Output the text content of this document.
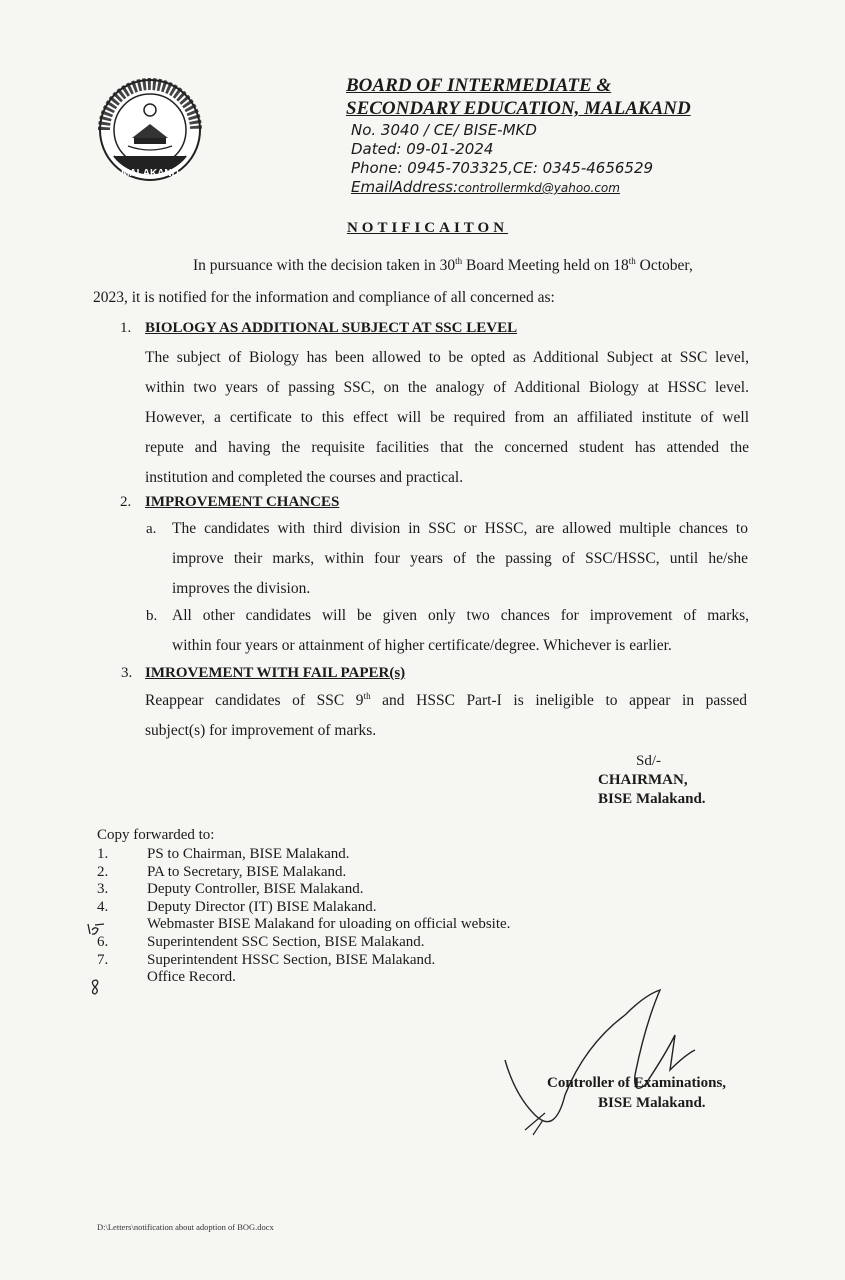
MALAKAND
BOARD OF INTERMEDIATE &
SECONDARY EDUCATION, MALAKAND
No. 3040 / CE/ BISE-MKD
Dated: 09-01-2024
Phone: 0945-703325,CE: 0345-4656529
EmailAddress:controllermkd@yahoo.com
NOTIFICAITON
In pursuance with the decision taken in 30th Board Meeting held on 18th October,
2023, it is notified for the information and compliance of all concerned as:
1. BIOLOGY AS ADDITIONAL SUBJECT AT SSC LEVEL
The subject of Biology has been allowed to be opted as Additional Subject at SSC level,
within two years of passing SSC, on the analogy of Additional Biology at HSSC level.
However, a certificate to this effect will be required from an affiliated institute of well
repute and having the requisite facilities that the concerned student has attended the
institution and completed the courses and practical.
2. IMPROVEMENT CHANCES
a. The candidates with third division in SSC or HSSC, are allowed multiple chances to
improve their marks, within four years of the passing of SSC/HSSC, until he/she
improves the division.
b. All other candidates will be given only two chances for improvement of marks,
within four years or attainment of higher certificate/degree. Whichever is earlier.
3. IMROVEMENT WITH FAIL PAPER(s)
Reappear candidates of SSC 9th and HSSC Part-I is ineligible to appear in passed
subject(s) for improvement of marks.
Sd/-
CHAIRMAN,
BISE Malakand.
Copy forwarded to:
1.	PS to Chairman, BISE Malakand.
2.	PA to Secretary, BISE Malakand.
3.	Deputy Controller, BISE Malakand.
4.	Deputy Director (IT) BISE Malakand.
Webmaster BISE Malakand for uloading on official website.
6.	Superintendent SSC Section, BISE Malakand.
7.	Superintendent HSSC Section, BISE Malakand.
Office Record.
Controller of Examinations,
BISE Malakand.
D:\Letters\notification about adoption of BOG.docx
